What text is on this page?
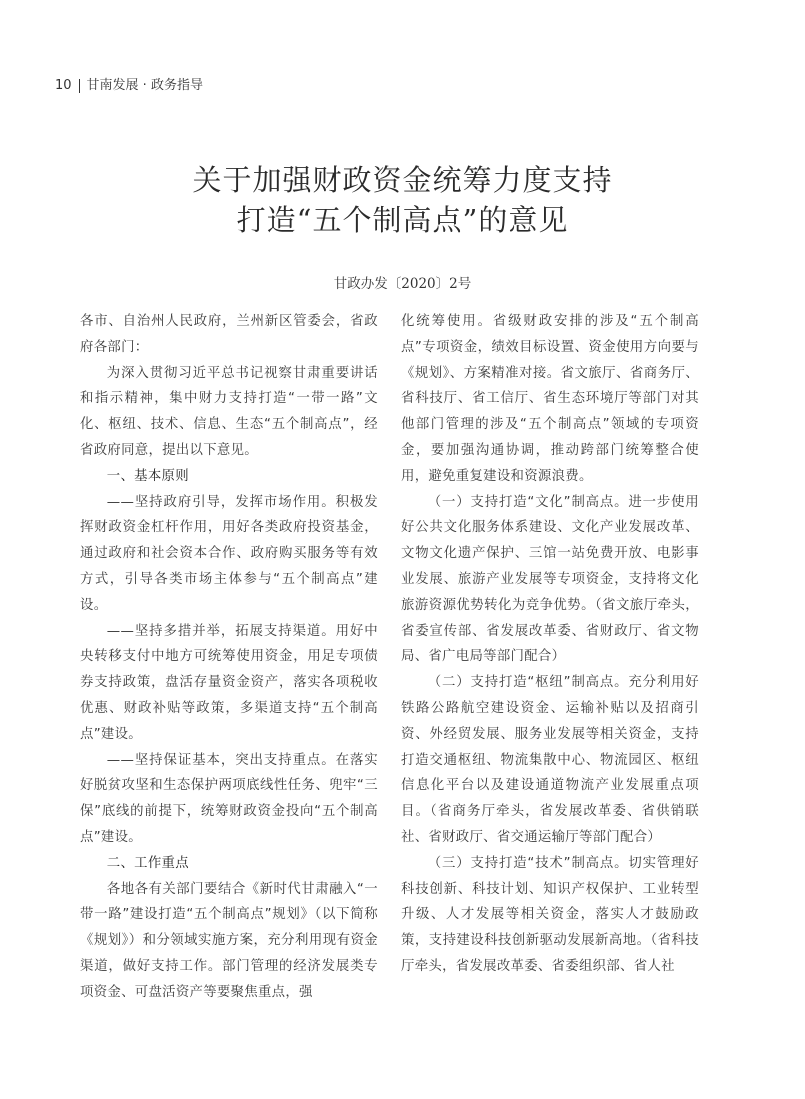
10 甘南发展 · 政务指导
关于加强财政资金统筹力度支持
打造“五个制高点”的意见
甘政办发〔2020〕2号

各市、自治州人民政府，兰州新区管委会，省政府各部门：

为深入贯彻习近平总书记视察甘肃重要讲话和指示精神，集中财力支持打造“一带一路”文化、枢纽、技术、信息、生态“五个制高点”，经省政府同意，提出以下意见。

一、基本原则

——坚持政府引导，发挥市场作用。积极发挥财政资金杠杆作用，用好各类政府投资基金，通过政府和社会资本合作、政府购买服务等有效方式，引导各类市场主体参与“五个制高点”建设。

——坚持多措并举，拓展支持渠道。用好中央转移支付中地方可统筹使用资金，用足专项债券支持政策，盘活存量资金资产，落实各项税收优惠、财政补贴等政策，多渠道支持“五个制高点”建设。

——坚持保证基本，突出支持重点。在落实好脱贫攻坚和生态保护两项底线性任务、兜牢“三保”底线的前提下，统筹财政资金投向“五个制高点”建设。

二、工作重点

各地各有关部门要结合《新时代甘肃融入“一带一路”建设打造“五个制高点”规划》（以下简称《规划》）和分领域实施方案，充分利用现有资金渠道，做好支持工作。部门管理的经济发展类专项资金、可盘活资产等要聚焦重点，强

化统筹使用。省级财政安排的涉及“五个制高点”专项资金，绩效目标设置、资金使用方向要与《规划》、方案精准对接。省文旅厅、省商务厅、省科技厅、省工信厅、省生态环境厅等部门对其他部门管理的涉及“五个制高点”领域的专项资金，要加强沟通协调，推动跨部门统筹整合使用，避免重复建设和资源浪费。

（一）支持打造“文化”制高点。进一步使用好公共文化服务体系建设、文化产业发展改革、文物文化遗产保护、三馆一站免费开放、电影事业发展、旅游产业发展等专项资金，支持将文化旅游资源优势转化为竞争优势。（省文旅厅牵头，省委宣传部、省发展改革委、省财政厅、省文物局、省广电局等部门配合）

（二）支持打造“枢纽”制高点。充分利用好铁路公路航空建设资金、运输补贴以及招商引资、外经贸发展、服务业发展等相关资金，支持打造交通枢纽、物流集散中心、物流园区、枢纽信息化平台以及建设通道物流产业发展重点项目。（省商务厅牵头，省发展改革委、省供销联社、省财政厅、省交通运输厅等部门配合）

（三）支持打造“技术”制高点。切实管理好科技创新、科技计划、知识产权保护、工业转型升级、人才发展等相关资金，落实人才鼓励政策，支持建设科技创新驱动发展新高地。（省科技厅牵头，省发展改革委、省委组织部、省人社
